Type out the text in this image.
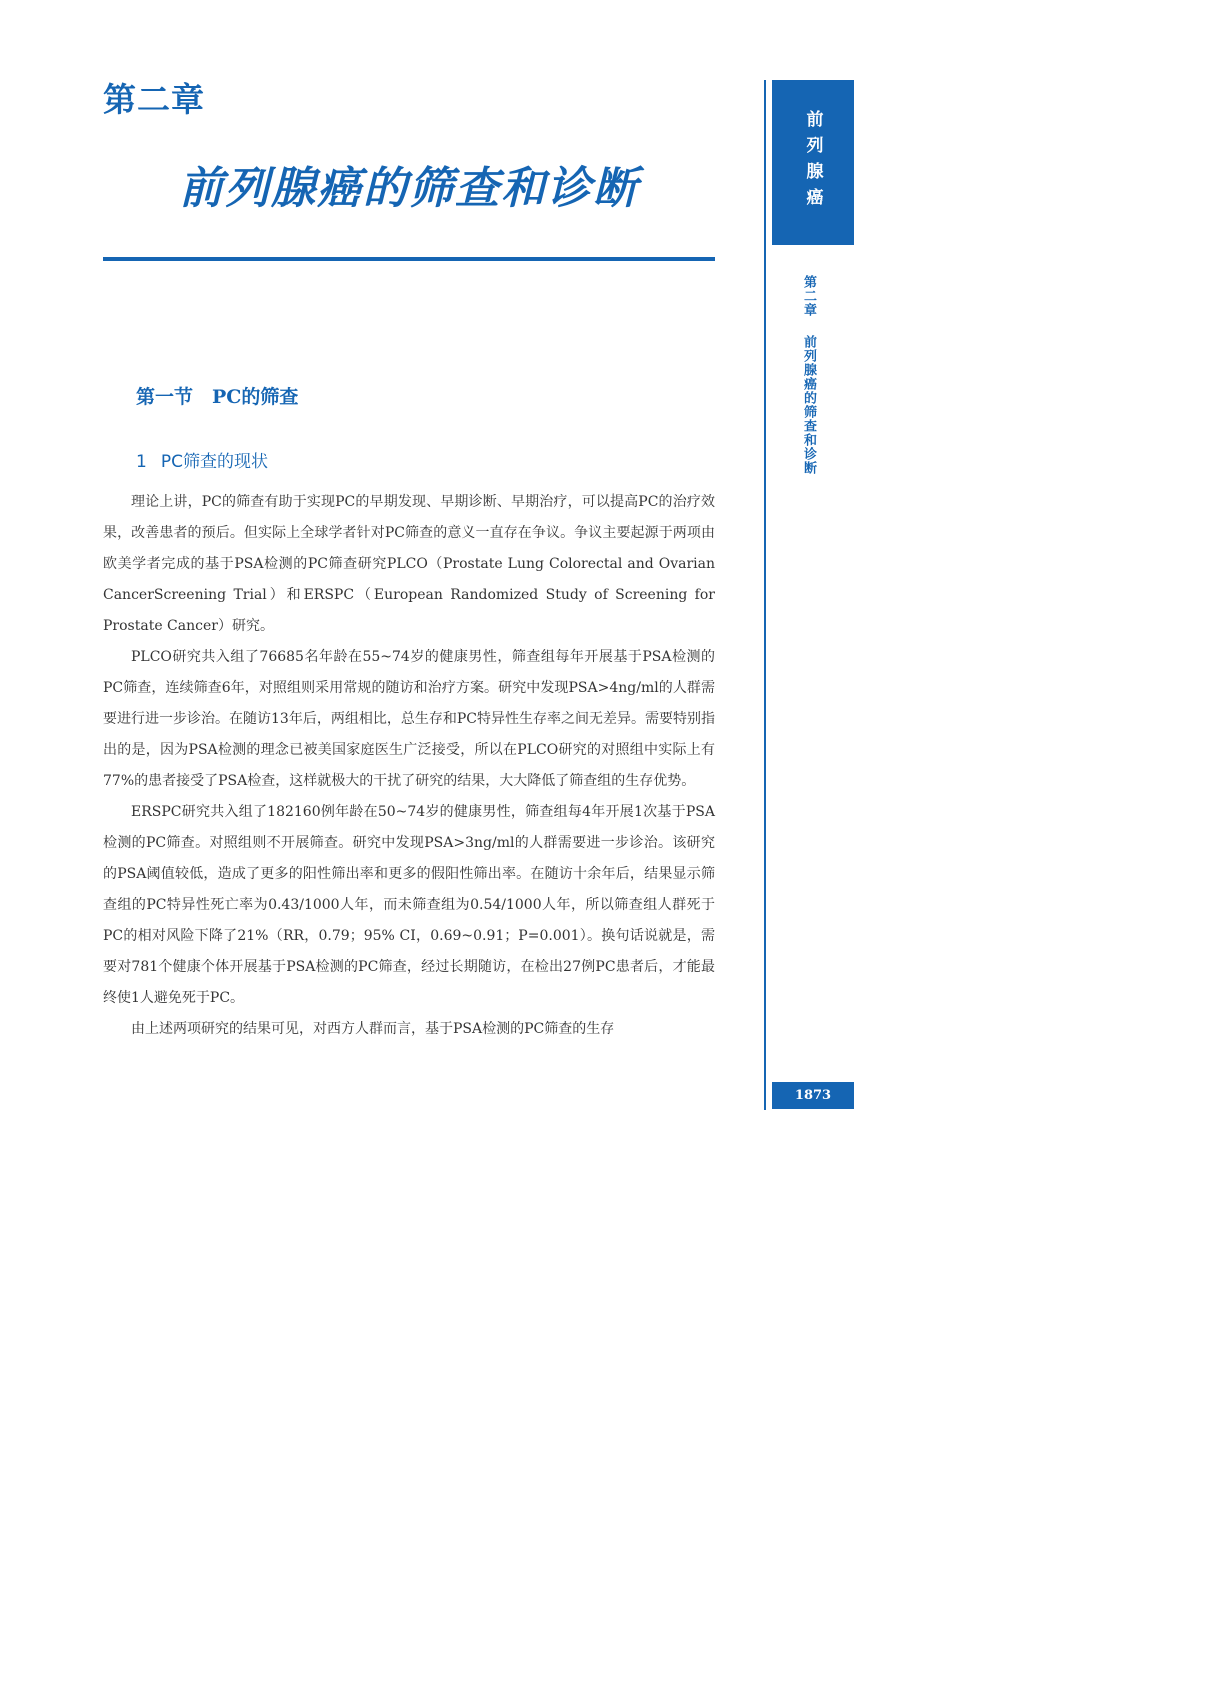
第二章
前列腺癌的筛查和诊断
第一节　PC的筛查
1 PC筛查的现状

理论上讲，PC的筛查有助于实现PC的早期发现、早期诊断、早期治疗，可以提高PC的治疗效果，改善患者的预后。但实际上全球学者针对PC筛查的意义一直存在争议。争议主要起源于两项由欧美学者完成的基于PSA检测的PC筛查研究PLCO（Prostate Lung Colorectal and Ovarian CancerScreening Trial）和ERSPC（European Randomized Study of Screening for Prostate Cancer）研究。

PLCO研究共入组了76685名年龄在55~74岁的健康男性，筛查组每年开展基于PSA检测的PC筛查，连续筛查6年，对照组则采用常规的随访和治疗方案。研究中发现PSA>4ng/ml的人群需要进行进一步诊治。在随访13年后，两组相比，总生存和PC特异性生存率之间无差异。需要特别指出的是，因为PSA检测的理念已被美国家庭医生广泛接受，所以在PLCO研究的对照组中实际上有77%的患者接受了PSA检查，这样就极大的干扰了研究的结果，大大降低了筛查组的生存优势。

ERSPC研究共入组了182160例年龄在50~74岁的健康男性，筛查组每4年开展1次基于PSA检测的PC筛查。对照组则不开展筛查。研究中发现PSA>3ng/ml的人群需要进一步诊治。该研究的PSA阈值较低，造成了更多的阳性筛出率和更多的假阳性筛出率。在随访十余年后，结果显示筛查组的PC特异性死亡率为0.43/1000人年，而未筛查组为0.54/1000人年，所以筛查组人群死于PC的相对风险下降了21%（RR，0.79；95% CI，0.69~0.91；P=0.001）。换句话说就是，需要对781个健康个体开展基于PSA检测的PC筛查，经过长期随访，在检出27例PC患者后，才能最终使1人避免死于PC。

由上述两项研究的结果可见，对西方人群而言，基于PSA检测的PC筛查的生存

前列腺癌
第二章前列腺癌的筛查和诊断
1873
